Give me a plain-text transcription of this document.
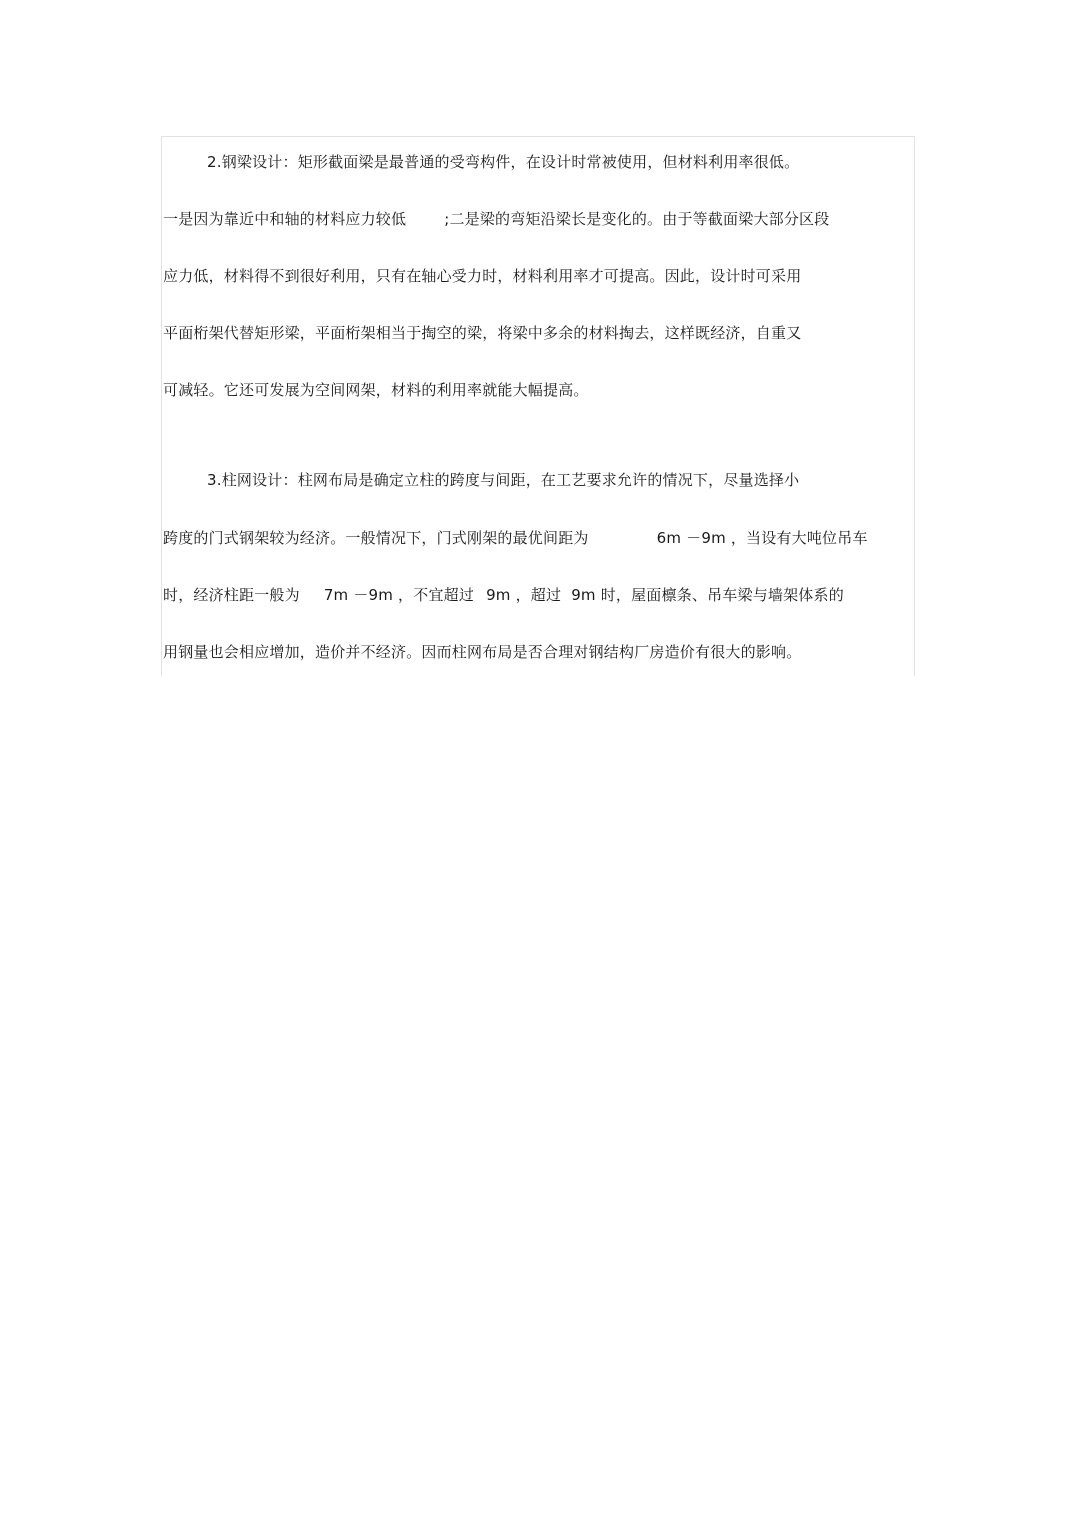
2.钢梁设计：矩形截面梁是最普通的受弯构件，在设计时常被使用，但材料利用率很低。
一是因为靠近中和轴的材料应力较低	;二是梁的弯矩沿梁长是变化的。由于等截面梁大部分区段
应力低，材料得不到很好利用，只有在轴心受力时，材料利用率才可提高。因此，设计时可采用
平面桁架代替矩形梁，平面桁架相当于掏空的梁，将梁中多余的材料掏去，这样既经济，自重又
可减轻。它还可发展为空间网架，材料的利用率就能大幅提高。
3.柱网设计：柱网布局是确定立柱的跨度与间距，在工艺要求允许的情况下，尽量选择小
跨度的门式钢架较为经济。一般情况下，门式刚架的最优间距为	6m －9m ，当设有大吨位吊车
时，经济柱距一般为 7m －9m ，不宜超过 9m ，超过 9m 时，屋面檩条、吊车梁与墙架体系的
用钢量也会相应增加，造价并不经济。因而柱网布局是否合理对钢结构厂房造价有很大的影响。
